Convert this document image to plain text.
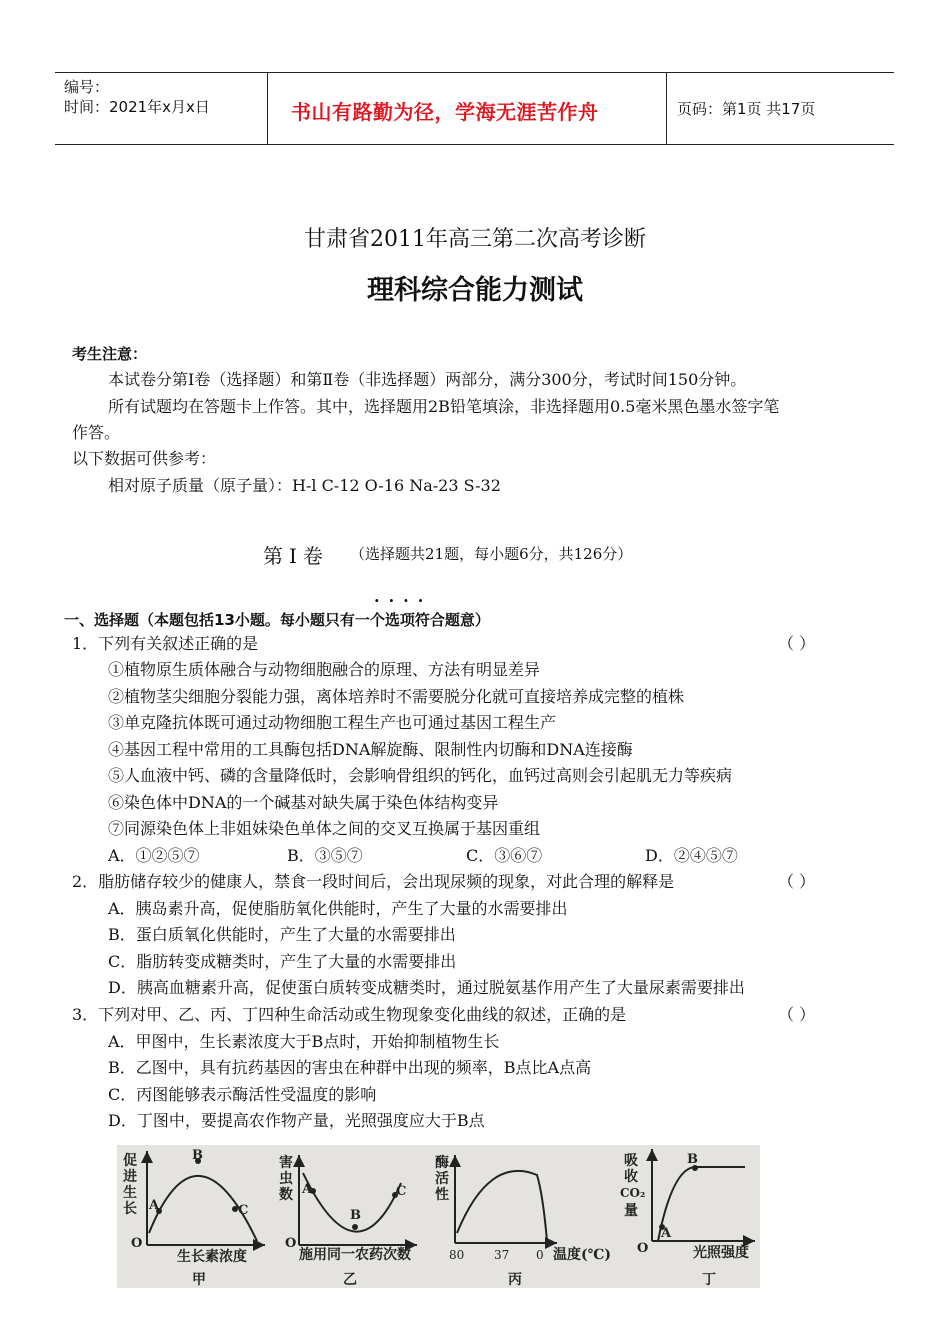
编号：
时间：2021年x月x日	书山有路勤为径，学海无涯苦作舟	页码：第1页 共17页
甘肃省2011年高三第二次高考诊断
理科综合能力测试
考生注意：
本试卷分第Ⅰ卷（选择题）和第Ⅱ卷（非选择题）两部分，满分300分，考试时间150分钟。
所有试题均在答题卡上作答。其中，选择题用2B铅笔填涂，非选择题用0.5毫米黑色墨水签字笔
作答。
以下数据可供参考：
相对原子质量（原子量）：H-l C-12 O-16 Na-23 S-32
第Ⅰ卷 （选择题共21题，每小题6分，共126分）
····
一、选择题（本题包括13小题。每小题只有一个选项符合题意）
1．下列有关叙述正确的是	（ ）
①植物原生质体融合与动物细胞融合的原理、方法有明显差异
②植物茎尖细胞分裂能力强，离体培养时不需要脱分化就可直接培养成完整的植株
③单克隆抗体既可通过动物细胞工程生产也可通过基因工程生产
④基因工程中常用的工具酶包括DNA解旋酶、限制性内切酶和DNA连接酶
⑤人血液中钙、磷的含量降低时，会影响骨组织的钙化，血钙过高则会引起肌无力等疾病
⑥染色体中DNA的一个碱基对缺失属于染色体结构变异
⑦同源染色体上非姐妹染色单体之间的交叉互换属于基因重组
A．①②⑤⑦	B．③⑤⑦	C．③⑥⑦	D．②④⑤⑦
2．脂肪储存较少的健康人，禁食一段时间后，会出现尿频的现象，对此合理的解释是	（ ）
A．胰岛素升高，促使脂肪氧化供能时，产生了大量的水需要排出
B．蛋白质氧化供能时，产生了大量的水需要排出
C．脂肪转变成糖类时，产生了大量的水需要排出
D．胰高血糖素升高，促使蛋白质转变成糖类时，通过脱氨基作用产生了大量尿素需要排出
3．下列对甲、乙、丙、丁四种生命活动或生物现象变化曲线的叙述，正确的是	（ ）
A．甲图中，生长素浓度大于B点时，开始抑制植物生长
B．乙图中，具有抗药基因的害虫在种群中出现的频率，B点比A点高
C．丙图能够表示酶活性受温度的影响
D．丁图中，要提高农作物产量，光照强度应大于B点
促
进
生
长 A
B
C
O
生长素浓度
甲
害
虫
数 A
B
C
O
施用同一农药次数
乙
酶
活
性
80 37 0 温度(℃)
丙
吸
收
CO₂
量
A
B
O	光照强度
丁
